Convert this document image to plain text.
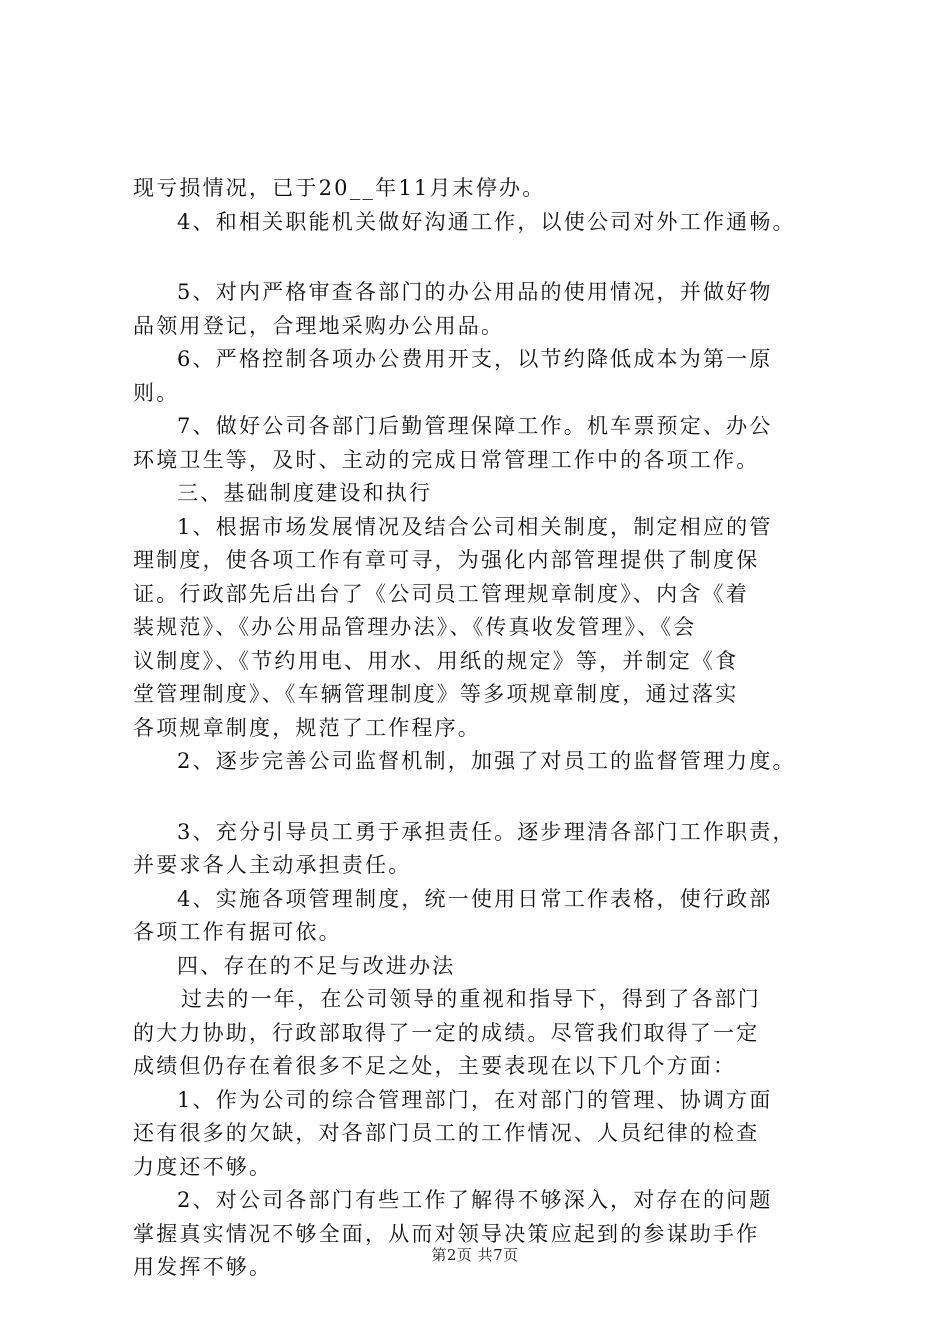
现亏损情况，已于20__年11月末停办。
4、和相关职能机关做好沟通工作，以使公司对外工作通畅。
5、对内严格审查各部门的办公用品的使用情况，并做好物
品领用登记，合理地采购办公用品。
6、严格控制各项办公费用开支，以节约降低成本为第一原
则。
7、做好公司各部门后勤管理保障工作。机车票预定、办公
环境卫生等，及时、主动的完成日常管理工作中的各项工作。
三、基础制度建设和执行
1、根据市场发展情况及结合公司相关制度，制定相应的管
理制度，使各项工作有章可寻，为强化内部管理提供了制度保
证。行政部先后出台了《公司员工管理规章制度》、内含《着
装规范》、《办公用品管理办法》、《传真收发管理》、《会
议制度》、《节约用电、用水、用纸的规定》等，并制定《食
堂管理制度》、《车辆管理制度》等多项规章制度，通过落实
各项规章制度，规范了工作程序。
2、逐步完善公司监督机制，加强了对员工的监督管理力度。
3、充分引导员工勇于承担责任。逐步理清各部门工作职责，
并要求各人主动承担责任。
4、实施各项管理制度，统一使用日常工作表格，使行政部
各项工作有据可依。
四、存在的不足与改进办法
过去的一年，在公司领导的重视和指导下，得到了各部门
的大力协助，行政部取得了一定的成绩。尽管我们取得了一定
成绩但仍存在着很多不足之处，主要表现在以下几个方面：
1、作为公司的综合管理部门，在对部门的管理、协调方面
还有很多的欠缺，对各部门员工的工作情况、人员纪律的检查
力度还不够。
2、对公司各部门有些工作了解得不够深入，对存在的问题
掌握真实情况不够全面，从而对领导决策应起到的参谋助手作
用发挥不够。	第2页 共7页
